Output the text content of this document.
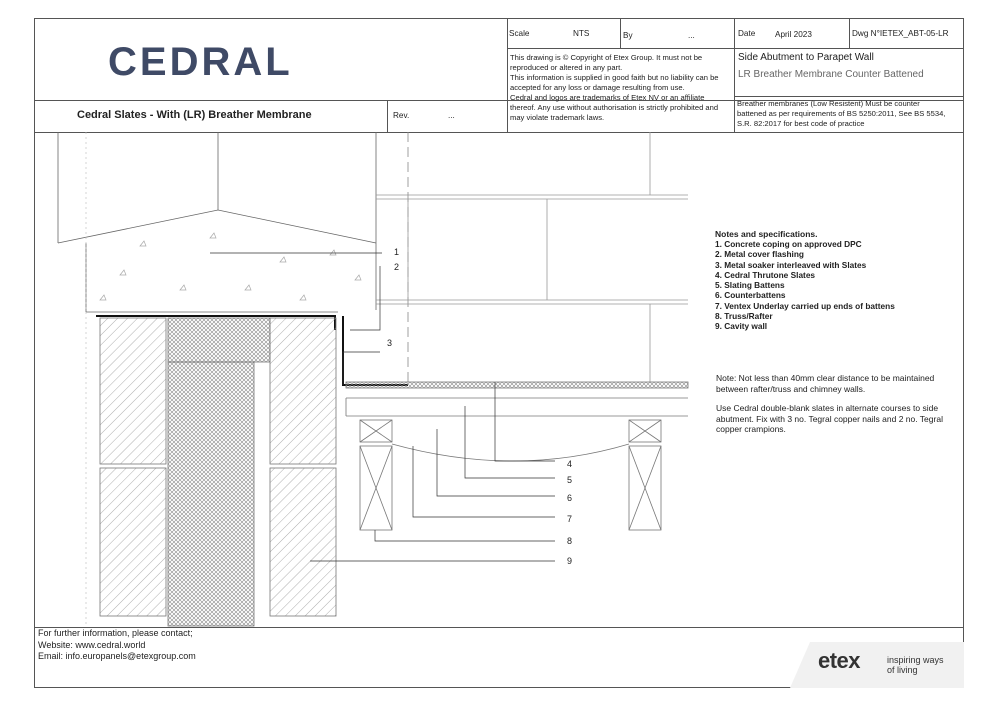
CEDRAL
Scale	NTS	By	...	Date April 2023	Dwg N°IETEX_ABT-05-LR
This drawing is © Copyright of Etex Group. It must not be
reproduced or altered in any part.
This information is supplied in good faith but no liability can be
accepted for any loss or damage resulting from use.
Cedral and logos are trademarks of Etex NV or an affiliate
thereof. Any use without authorisation is strictly prohibited and
may violate trademark laws.
Side Abutment to Parapet Wall
LR Breather Membrane Counter Battened
Breather membranes (Low Resistent) Must be counter
battened as per requirements of BS 5250:2011, See BS 5534,
S.R. 82:2017 for best code of practice
Cedral Slates - With (LR) Breather Membrane	Rev.	...
1
2
3
4
5
6
7
8
9
Notes and specifications.
1. Concrete coping on approved DPC
2. Metal cover flashing
3. Metal soaker interleaved with Slates
4. Cedral Thrutone Slates
5. Slating Battens
6. Counterbattens
7. Ventex Underlay carried up ends of battens
8. Truss/Rafter
9. Cavity wall
Note: Not less than 40mm clear distance to be maintained
between rafter/truss and chimney walls.
Use Cedral double-blank slates in alternate courses to side
abutment. Fix with 3 no. Tegral copper nails and 2 no. Tegral
copper crampions.
For further information, please contact;
Website: www.cedral.world
Email: info.europanels@etexgroup.com	etex	inspiring ways
of living
